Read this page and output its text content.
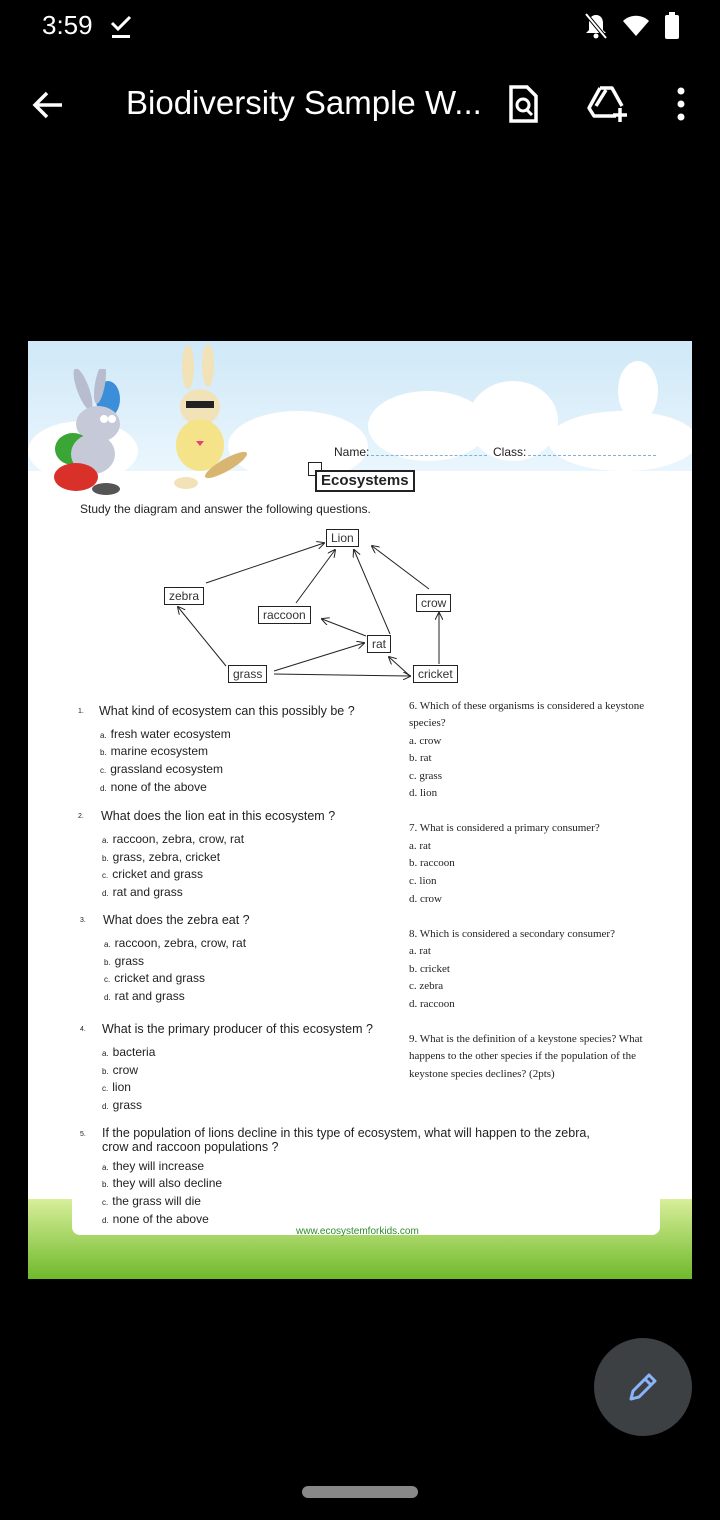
3:59
Biodiversity Sample W...
Name:	Class:
Ecosystems
Study the diagram and answer the following questions.
Lion
zebra	crow
raccoon
rat
grass	cricket
1. What kind of ecosystem can this possibly be ?
a. fresh water ecosystem
b. marine ecosystem
c. grassland ecosystem
d. none of the above
2. What does the lion eat in this ecosystem ?
a. raccoon, zebra, crow, rat
b. grass, zebra, cricket
c. cricket and grass
d. rat and grass
3. What does the zebra eat ?
a. raccoon, zebra, crow, rat
b. grass
c. cricket and grass
d. rat and grass
4. What is the primary producer of this ecosystem ?
a. bacteria
b. crow
c. lion
d. grass
5. If the population of lions decline in this type of ecosystem, what will happen to the zebra,
crow and raccoon populations ?
a. they will increase
b. they will also decline
c. the grass will die
d. none of the above
6. Which of these organisms is considered a keystone
species?
a. crow
b. rat
c. grass
d. lion
7. What is considered a primary consumer?
a. rat
b. raccoon
c. lion
d. crow
8. Which is considered a secondary consumer?
a. rat
b. cricket
c. zebra
d. raccoon
9. What is the definition of a keystone species? What
happens to the other species if the population of the
keystone species declines? (2pts)
www.ecosystemforkids.com
